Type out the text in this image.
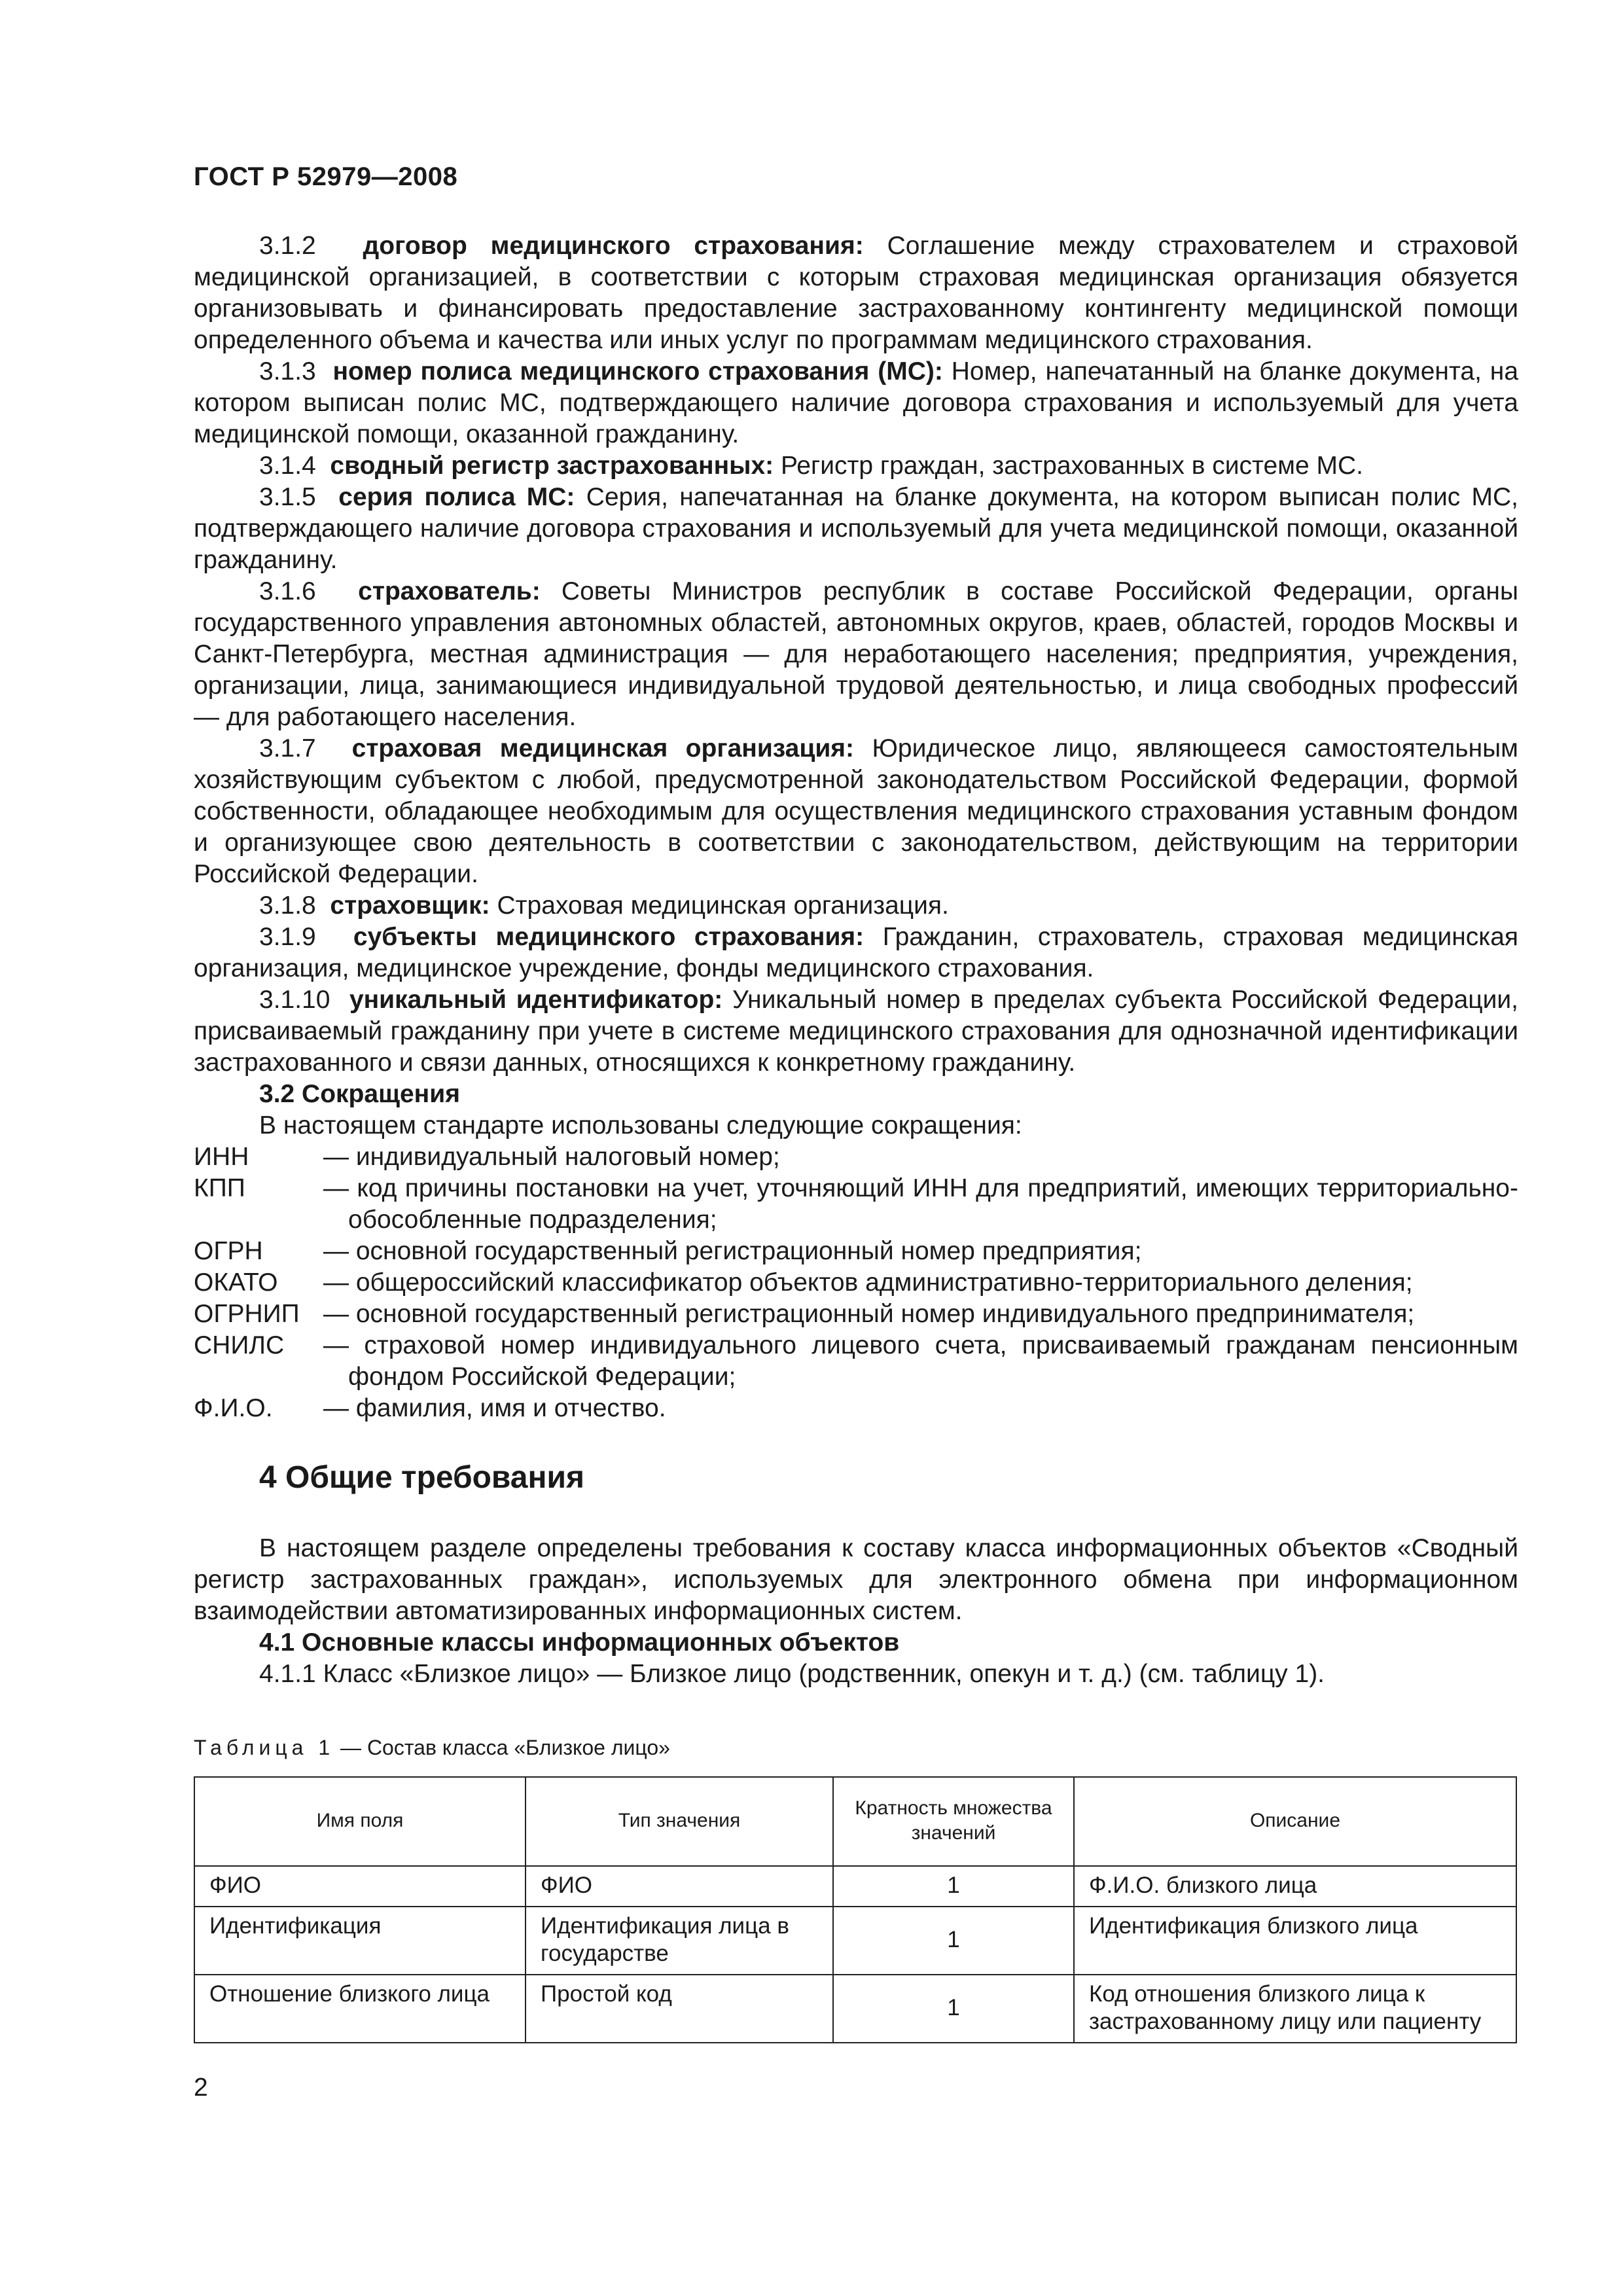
ГОСТ Р 52979—2008

3.1.2 договор медицинского страхования: Соглашение между страхователем и страховой медицинской организацией, в соответствии с которым страховая медицинская организация обязуется организовывать и финансировать предоставление застрахованному контингенту медицинской помощи определенного объема и качества или иных услуг по программам медицинского страхования.

3.1.3 номер полиса медицинского страхования (МС): Номер, напечатанный на бланке документа, на котором выписан полис МС, подтверждающего наличие договора страхования и используемый для учета медицинской помощи, оказанной гражданину.

3.1.4 сводный регистр застрахованных: Регистр граждан, застрахованных в системе МС.

3.1.5 серия полиса МС: Серия, напечатанная на бланке документа, на котором выписан полис МС, подтверждающего наличие договора страхования и используемый для учета медицинской помощи, оказанной гражданину.

3.1.6 страхователь: Советы Министров республик в составе Российской Федерации, органы государственного управления автономных областей, автономных округов, краев, областей, городов Москвы и Санкт-Петербурга, местная администрация — для неработающего населения; предприятия, учреждения, организации, лица, занимающиеся индивидуальной трудовой деятельностью, и лица свободных профессий — для работающего населения.

3.1.7 страховая медицинская организация: Юридическое лицо, являющееся самостоятельным хозяйствующим субъектом с любой, предусмотренной законодательством Российской Федерации, формой собственности, обладающее необходимым для осуществления медицинского страхования уставным фондом и организующее свою деятельность в соответствии с законодательством, действующим на территории Российской Федерации.

3.1.8 страховщик: Страховая медицинская организация.

3.1.9 субъекты медицинского страхования: Гражданин, страхователь, страховая медицинская организация, медицинское учреждение, фонды медицинского страхования.

3.1.10 уникальный идентификатор: Уникальный номер в пределах субъекта Российской Федерации, присваиваемый гражданину при учете в системе медицинского страхования для однозначной идентификации застрахованного и связи данных, относящихся к конкретному гражданину.

3.2 Сокращения

В настоящем стандарте использованы следующие сокращения:

ИНН	— индивидуальный налоговый номер;
КПП	— код причины постановки на учет, уточняющий ИНН для предприятий, имеющих территориально-обособленные подразделения;
ОГРН	— основной государственный регистрационный номер предприятия;
ОКАТО	— общероссийский классификатор объектов административно-территориального деления;
ОГРНИП — основной государственный регистрационный номер индивидуального предпринимателя;
СНИЛС	— страховой номер индивидуального лицевого счета, присваиваемый гражданам пенсионным фондом Российской Федерации;
Ф.И.О.	— фамилия, имя и отчество.
4 Общие требования

В настоящем разделе определены требования к составу класса информационных объектов «Сводный регистр застрахованных граждан», используемых для электронного обмена при информационном взаимодействии автоматизированных информационных систем.

4.1 Основные классы информационных объектов

4.1.1 Класс «Близкое лицо» — Близкое лицо (родственник, опекун и т. д.) (см. таблицу 1).

Таблица 1 — Состав класса «Близкое лицо»
Имя поля	Тип значения	Кратность множества значений	Описание
ФИО	ФИО	1	Ф.И.О. близкого лица
Идентификация	Идентификация лица в государстве	1	Идентификация близкого лица
Отношение близкого лица	Простой код	1	Код отношения близкого лица к застрахованному лицу или пациенту
2
